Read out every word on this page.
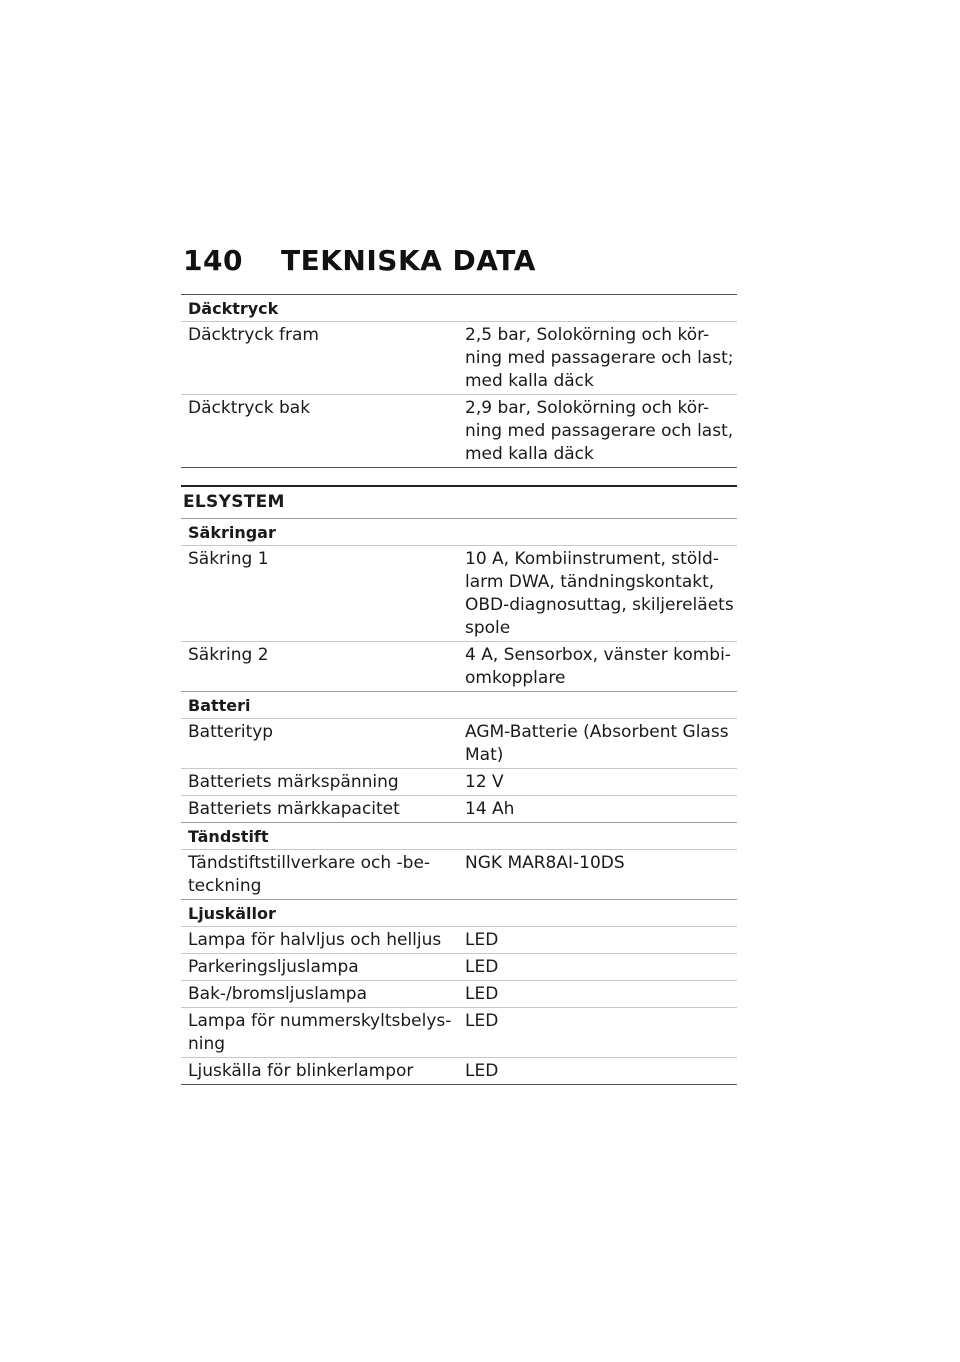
140 TEKNISKA DATA
Däcktryck	
Däcktryck fram	2,5 bar, Solokörning och kör-ning med passagerare och last; med kalla däck
Däcktryck bak	2,9 bar, Solokörning och kör-ning med passagerare och last, med kalla däck
ELSYSTEM
Säkringar	
Säkring 1	10 A, Kombiinstrument, stöld-larm DWA, tändningskontakt, OBD-diagnosuttag, skiljereläets spole
Säkring 2	4 A, Sensorbox, vänster kombi-omkopplare
Batteri	
Batterityp	AGM-Batterie (Absorbent Glass Mat)
Batteriets märkspänning	12 V
Batteriets märkkapacitet	14 Ah
Tändstift	
Tändstiftstillverkare och -be-teckning	NGK MAR8AI-10DS
Ljuskällor	
Lampa för halvljus och helljus	LED
Parkeringsljuslampa	LED
Bak-/bromsljuslampa	LED
Lampa för nummerskyltsbelys-ning	LED
Ljuskälla för blinkerlampor	LED
